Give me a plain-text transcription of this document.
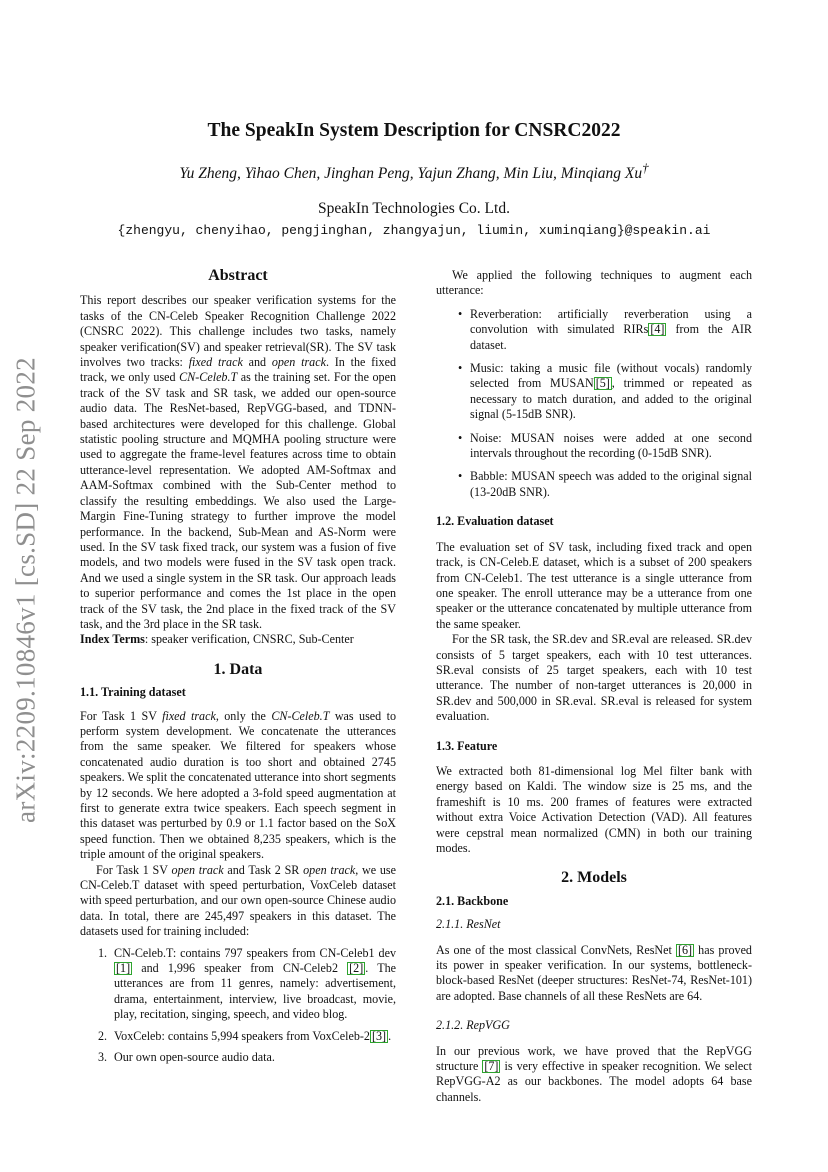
The SpeakIn System Description for CNSRC2022
Yu Zheng, Yihao Chen, Jinghan Peng, Yajun Zhang, Min Liu, Minqiang Xu†
SpeakIn Technologies Co. Ltd.
{zhengyu, chenyihao, pengjinghan, zhangyajun, liumin, xuminqiang}@speakin.ai
arXiv:2209.10846v1 [cs.SD] 22 Sep 2022
Abstract

This report describes our speaker verification systems for the tasks of the CN-Celeb Speaker Recognition Challenge 2022 (CNSRC 2022). This challenge includes two tasks, namely speaker verification(SV) and speaker retrieval(SR). The SV task involves two tracks: fixed track and open track. In the fixed track, we only used CN-Celeb.T as the training set. For the open track of the SV task and SR task, we added our open-source audio data. The ResNet-based, RepVGG-based, and TDNN-based architectures were developed for this challenge. Global statistic pooling structure and MQMHA pooling structure were used to aggregate the frame-level features across time to obtain utterance-level representation. We adopted AM-Softmax and AAM-Softmax combined with the Sub-Center method to classify the resulting embeddings. We also used the Large-Margin Fine-Tuning strategy to further improve the model performance. In the backend, Sub-Mean and AS-Norm were used. In the SV task fixed track, our system was a fusion of five models, and two models were fused in the SV task open track. And we used a single system in the SR task. Our approach leads to superior performance and comes the 1st place in the open track of the SV task, the 2nd place in the fixed track of the SV task, and the 3rd place in the SR task.

Index Terms: speaker verification, CNSRC, Sub-Center

1. Data
1.1. Training dataset

For Task 1 SV fixed track, only the CN-Celeb.T was used to perform system development. We concatenate the utterances from the same speaker. We filtered for speakers whose concatenated audio duration is too short and obtained 2745 speakers. We split the concatenated utterance into short segments by 12 seconds. We here adopted a 3-fold speed augmentation at first to generate extra twice speakers. Each speech segment in this dataset was perturbed by 0.9 or 1.1 factor based on the SoX speed function. Then we obtained 8,235 speakers, which is the triple amount of the original speakers.

For Task 1 SV open track and Task 2 SR open track, we use CN-Celeb.T dataset with speed perturbation, VoxCeleb dataset with speed perturbation, and our own open-source Chinese audio data. In total, there are 245,497 speakers in this dataset. The datasets used for training included:

1. CN-Celeb.T: contains 797 speakers from CN-Celeb1 dev [1] and 1,996 speaker from CN-Celeb2 [2] . The utterances are from 11 genres, namely: advertisement, drama, entertainment, interview, live broadcast, movie, play, recitation, singing, speech, and video blog.
2. VoxCeleb: contains 5,994 speakers from VoxCeleb-2 [3] .
3. Our own open-source audio data.

We applied the following techniques to augment each utterance:

• Reverberation: artificially reverberation using a convolution with simulated RIRs [4] from the AIR dataset.
• Music: taking a music file (without vocals) randomly selected from MUSAN [5] , trimmed or repeated as necessary to match duration, and added to the original signal (5-15dB SNR).
• Noise: MUSAN noises were added at one second intervals throughout the recording (0-15dB SNR).
• Babble: MUSAN speech was added to the original signal (13-20dB SNR).
1.2. Evaluation dataset

The evaluation set of SV task, including fixed track and open track, is CN-Celeb.E dataset, which is a subset of 200 speakers from CN-Celeb1. The test utterance is a single utterance from one speaker. The enroll utterance may be a utterance from one speaker or the utterance concatenated by multiple utterance from the same speaker.

For the SR task, the SR.dev and SR.eval are released. SR.dev consists of 5 target speakers, each with 10 test utterances. SR.eval consists of 25 target speakers, each with 10 test utterance. The number of non-target utterances is 20,000 in SR.dev and 500,000 in SR.eval. SR.eval is released for system evaluation.

1.3. Feature

We extracted both 81-dimensional log Mel filter bank with energy based on Kaldi. The window size is 25 ms, and the frameshift is 10 ms. 200 frames of features were extracted without extra Voice Activation Detection (VAD). All features were cepstral mean normalized (CMN) in both our training modes.

2. Models
2.1. Backbone
2.1.1. ResNet

As one of the most classical ConvNets, ResNet [6] has proved its power in speaker verification. In our systems, bottleneck-block-based ResNet (deeper structures: ResNet-74, ResNet-101) are adopted. Base channels of all these ResNets are 64.

2.1.2. RepVGG

In our previous work, we have proved that the RepVGG structure [7] is very effective in speaker recognition. We select RepVGG-A2 as our backbones. The model adopts 64 base channels.
